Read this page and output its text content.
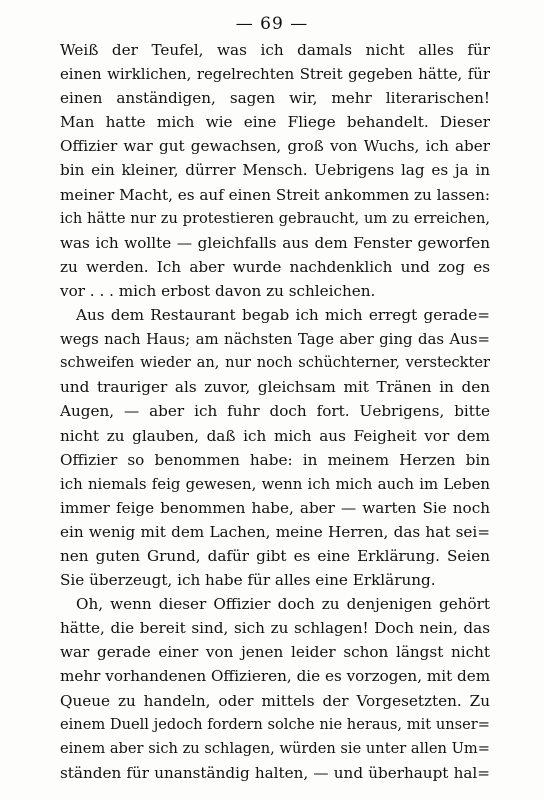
— 69 —
Weiß der Teufel, was ich damals nicht alles für
einen wirklichen, regelrechten Streit gegeben hätte, für
einen anständigen, sagen wir, mehr literarischen!
Man hatte mich wie eine Fliege behandelt. Dieser
Offizier war gut gewachsen, groß von Wuchs, ich aber
bin ein kleiner, dürrer Mensch. Uebrigens lag es ja in
meiner Macht, es auf einen Streit ankommen zu lassen:
ich hätte nur zu protestieren gebraucht, um zu erreichen,
was ich wollte — gleichfalls aus dem Fenster geworfen
zu werden. Ich aber wurde nachdenklich und zog es
vor . . . mich erbost davon zu schleichen.
Aus dem Restaurant begab ich mich erregt gerade=
wegs nach Haus; am nächsten Tage aber ging das Aus=
schweifen wieder an, nur noch schüchterner, versteckter
und trauriger als zuvor, gleichsam mit Tränen in den
Augen, — aber ich fuhr doch fort. Uebrigens, bitte
nicht zu glauben, daß ich mich aus Feigheit vor dem
Offizier so benommen habe: in meinem Herzen bin
ich niemals feig gewesen, wenn ich mich auch im Leben
immer feige benommen habe, aber — warten Sie noch
ein wenig mit dem Lachen, meine Herren, das hat sei=
nen guten Grund, dafür gibt es eine Erklärung. Seien
Sie überzeugt, ich habe für alles eine Erklärung.
Oh, wenn dieser Offizier doch zu denjenigen gehört
hätte, die bereit sind, sich zu schlagen! Doch nein, das
war gerade einer von jenen leider schon längst nicht
mehr vorhandenen Offizieren, die es vorzogen, mit dem
Queue zu handeln, oder mittels der Vorgesetzten. Zu
einem Duell jedoch fordern solche nie heraus, mit unser=
einem aber sich zu schlagen, würden sie unter allen Um=
ständen für unanständig halten, — und überhaupt hal=
